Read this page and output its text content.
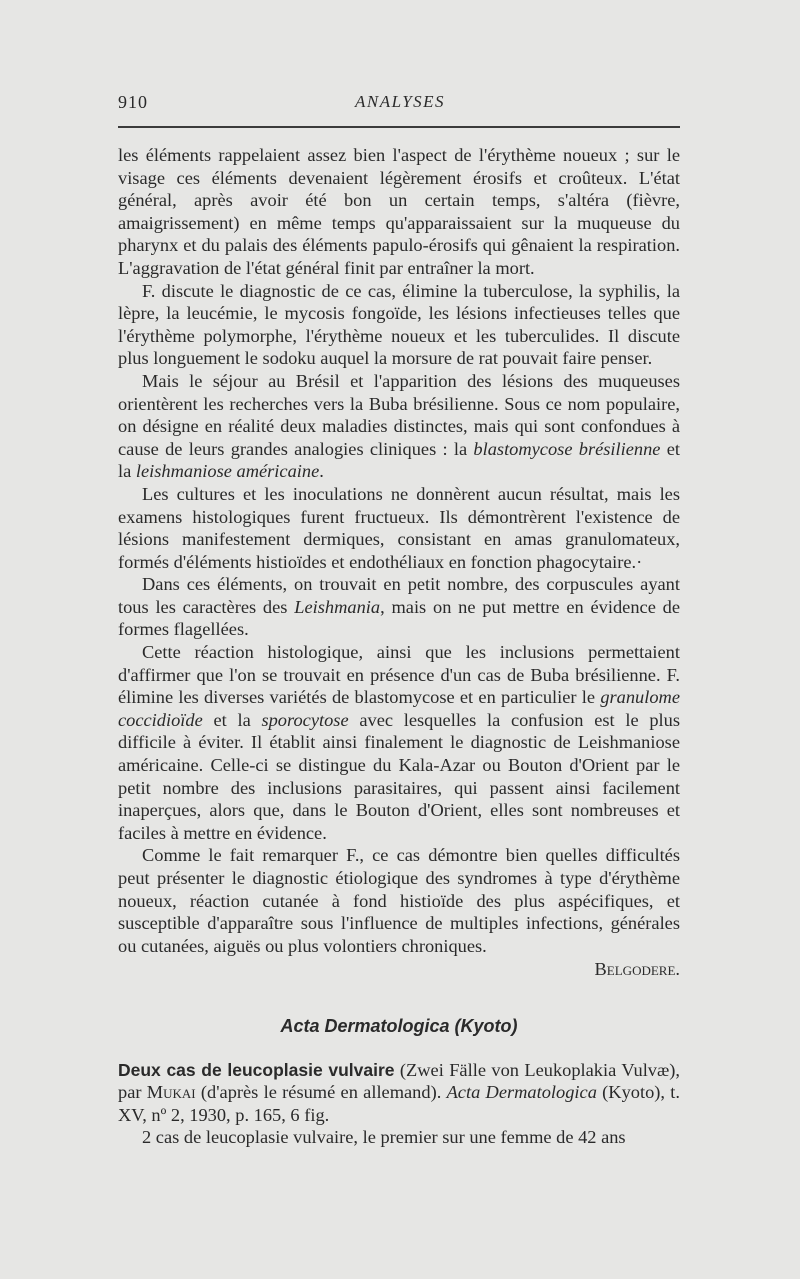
910	ANALYSES

les éléments rappelaient assez bien l'aspect de l'érythème noueux ; sur le visage ces éléments devenaient légèrement érosifs et croûteux. L'état général, après avoir été bon un certain temps, s'altéra (fièvre, amaigrissement) en même temps qu'apparaissaient sur la muqueuse du pharynx et du palais des éléments papulo-érosifs qui gênaient la respiration. L'aggravation de l'état général finit par entraîner la mort.

F. discute le diagnostic de ce cas, élimine la tuberculose, la syphilis, la lèpre, la leucémie, le mycosis fongoïde, les lésions infectieuses telles que l'érythème polymorphe, l'érythème noueux et les tuberculides. Il discute plus longuement le sodoku auquel la morsure de rat pouvait faire penser.

Mais le séjour au Brésil et l'apparition des lésions des muqueuses orientèrent les recherches vers la Buba brésilienne. Sous ce nom populaire, on désigne en réalité deux maladies distinctes, mais qui sont confondues à cause de leurs grandes analogies cliniques : la blastomycose brésilienne et la leishmaniose américaine.

Les cultures et les inoculations ne donnèrent aucun résultat, mais les examens histologiques furent fructueux. Ils démontrèrent l'existence de lésions manifestement dermiques, consistant en amas granulomateux, formés d'éléments histioïdes et endothéliaux en fonction phagocytaire.·

Dans ces éléments, on trouvait en petit nombre, des corpuscules ayant tous les caractères des Leishmania, mais on ne put mettre en évidence de formes flagellées.

Cette réaction histologique, ainsi que les inclusions permettaient d'affirmer que l'on se trouvait en présence d'un cas de Buba brésilienne. F. élimine les diverses variétés de blastomycose et en particulier le granulome coccidioïde et la sporocytose avec lesquelles la confusion est le plus difficile à éviter. Il établit ainsi finalement le diagnostic de Leishmaniose américaine. Celle-ci se distingue du Kala-Azar ou Bouton d'Orient par le petit nombre des inclusions parasitaires, qui passent ainsi facilement inaperçues, alors que, dans le Bouton d'Orient, elles sont nombreuses et faciles à mettre en évidence.

Comme le fait remarquer F., ce cas démontre bien quelles difficultés peut présenter le diagnostic étiologique des syndromes à type d'érythème noueux, réaction cutanée à fond histioïde des plus aspécifiques, et susceptible d'apparaître sous l'influence de multiples infections, générales ou cutanées, aiguës ou plus volontiers chroniques.

Belgodere.
Acta Dermatologica (Kyoto)

Deux cas de leucoplasie vulvaire (Zwei Fälle von Leukoplakia Vulvæ), par Mukai (d'après le résumé en allemand). Acta Dermatologica (Kyoto), t. XV, nº 2, 1930, p. 165, 6 fig.

2 cas de leucoplasie vulvaire, le premier sur une femme de 42 ans
